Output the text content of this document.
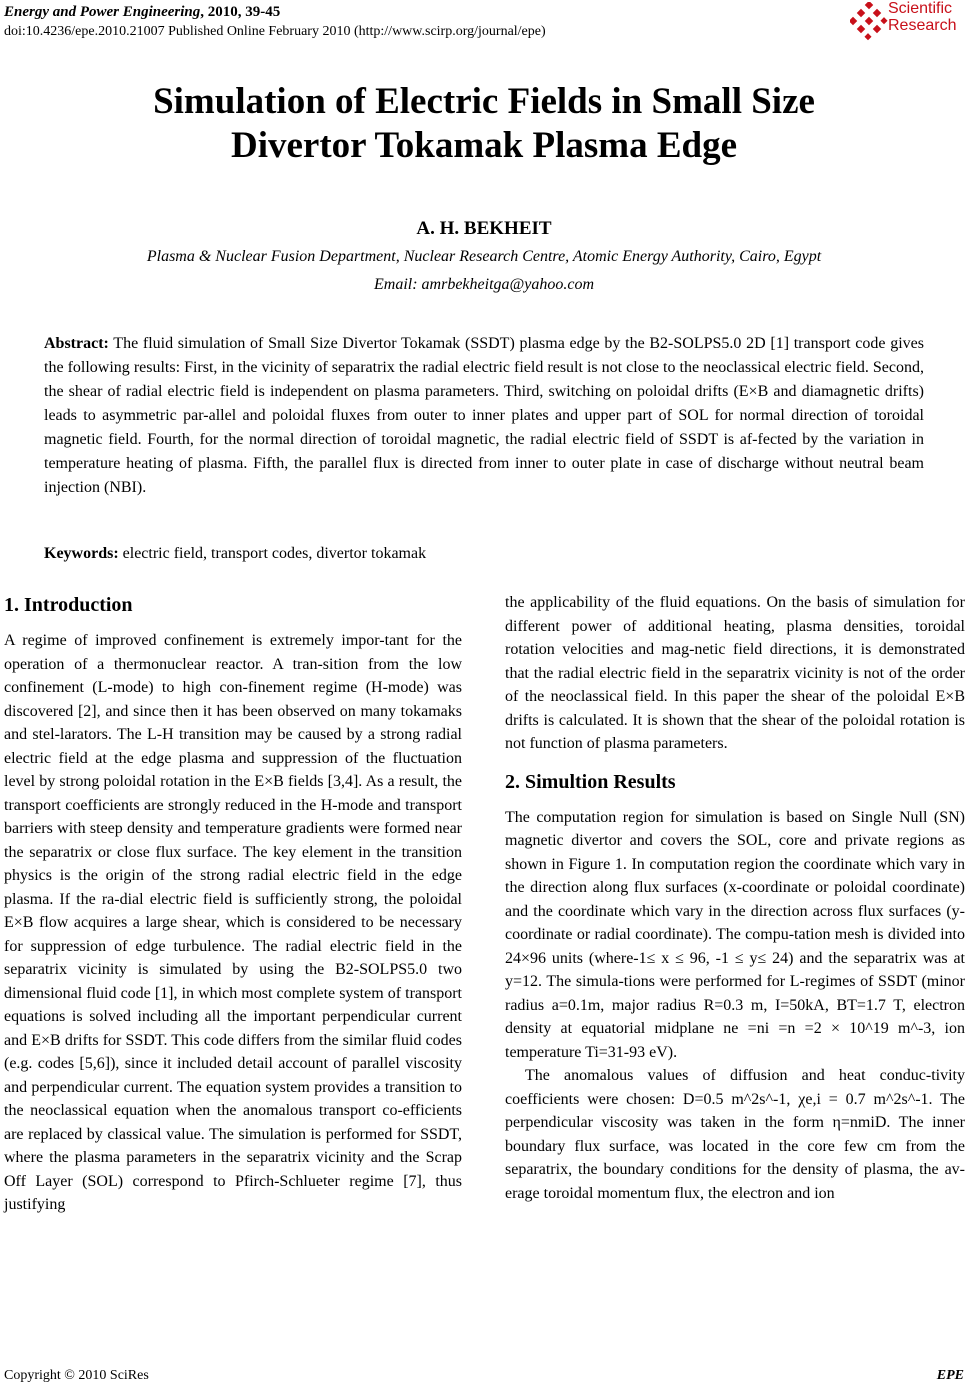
Energy and Power Engineering, 2010, 39-45
doi:10.4236/epe.2010.21007 Published Online February 2010 (http://www.scirp.org/journal/epe)
Scientific
Research
Simulation of Electric Fields in Small Size
Divertor Tokamak Plasma Edge
A. H. BEKHEIT
Plasma & Nuclear Fusion Department, Nuclear Research Centre, Atomic Energy Authority, Cairo, Egypt
Email: amrbekheitga@yahoo.com
Abstract: The fluid simulation of Small Size Divertor Tokamak (SSDT) plasma edge by the B2-SOLPS5.0 2D [1] transport code gives the following results: First, in the vicinity of separatrix the radial electric field result is not close to the neoclassical electric field. Second, the shear of radial electric field is independent on plasma parameters. Third, switching on poloidal drifts (E×B and diamagnetic drifts) leads to asymmetric par-allel and poloidal fluxes from outer to inner plates and upper part of SOL for normal direction of toroidal magnetic field. Fourth, for the normal direction of toroidal magnetic, the radial electric field of SSDT is af-fected by the variation in temperature heating of plasma. Fifth, the parallel flux is directed from inner to outer plate in case of discharge without neutral beam injection (NBI).
Keywords: electric field, transport codes, divertor tokamak
1. Introduction

A regime of improved confinement is extremely impor-tant for the operation of a thermonuclear reactor. A tran-sition from the low confinement (L-mode) to high con-finement regime (H-mode) was discovered [2], and since then it has been observed on many tokamaks and stel-larators. The L-H transition may be caused by a strong radial electric field at the edge plasma and suppression of the fluctuation level by strong poloidal rotation in the E×B fields [3,4]. As a result, the transport coefficients are strongly reduced in the H-mode and transport barriers with steep density and temperature gradients were formed near the separatrix or close flux surface. The key element in the transition physics is the origin of the strong radial electric field in the edge plasma. If the ra-dial electric field is sufficiently strong, the poloidal E×B flow acquires a large shear, which is considered to be necessary for suppression of edge turbulence. The radial electric field in the separatrix vicinity is simulated by using the B2-SOLPS5.0 two dimensional fluid code [1], in which most complete system of transport equations is solved including all the important perpendicular current and E×B drifts for SSDT. This code differs from the similar fluid codes (e.g. codes [5,6]), since it included detail account of parallel viscosity and perpendicular current. The equation system provides a transition to the neoclassical equation when the anomalous transport co-efficients are replaced by classical value. The simulation is performed for SSDT, where the plasma parameters in the separatrix vicinity and the Scrap Off Layer (SOL) correspond to Pfirch-Schlueter regime [7], thus justifying

the applicability of the fluid equations. On the basis of simulation for different power of additional heating, plasma densities, toroidal rotation velocities and mag-netic field directions, it is demonstrated that the radial electric field in the separatrix vicinity is not of the order of the neoclassical field. In this paper the shear of the poloidal E×B drifts is calculated. It is shown that the shear of the poloidal rotation is not function of plasma parameters.

2. Simultion Results

The computation region for simulation is based on Single Null (SN) magnetic divertor and covers the SOL, core and private regions as shown in Figure 1. In computation region the coordinate which vary in the direction along flux surfaces (x-coordinate or poloidal coordinate) and the coordinate which vary in the direction across flux surfaces (y-coordinate or radial coordinate). The compu-tation mesh is divided into 24×96 units (where-1≤ x ≤ 96, -1 ≤ y≤ 24) and the separatrix was at y=12. The simula-tions were performed for L-regimes of SSDT (minor radius a=0.1m, major radius R=0.3 m, I=50kA, BT=1.7 T, electron density at equatorial midplane ne =ni =n =2 × 10^19 m^-3, ion temperature Ti=31-93 eV).

The anomalous values of diffusion and heat conduc-tivity coefficients were chosen: D=0.5 m^2s^-1, χe,i = 0.7 m^2s^-1. The perpendicular viscosity was taken in the form η=nmiD. The inner boundary flux surface, was located in the core few cm from the separatrix, the boundary conditions for the density of plasma, the av-erage toroidal momentum flux, the electron and ion

Copyright © 2010 SciRes	EPE
